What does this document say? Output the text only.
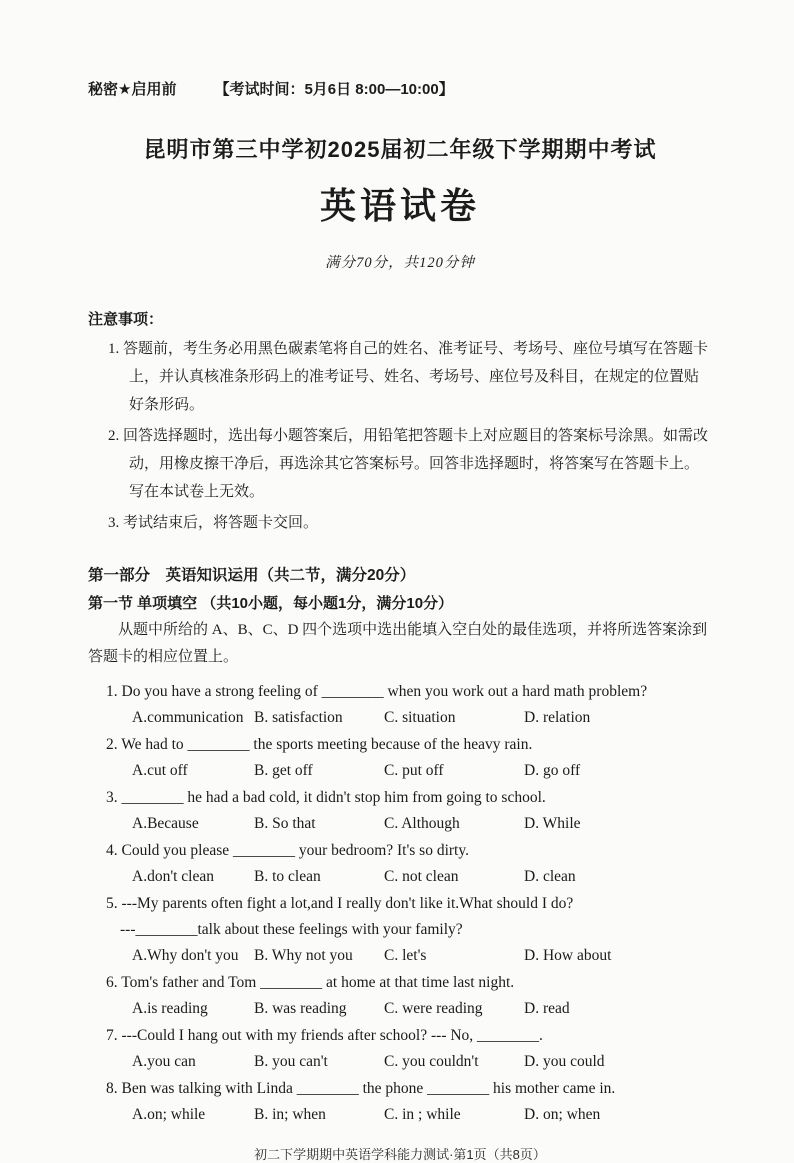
秘密★启用前	【考试时间：5月6日 8:00—10:00】
昆明市第三中学初2025届初二年级下学期期中考试
英语试卷
满分70分，共120分钟
注意事项：
1. 答题前，考生务必用黑色碳素笔将自己的姓名、准考证号、考场号、座位号填写在答题卡上，并认真核准条形码上的准考证号、姓名、考场号、座位号及科目，在规定的位置贴好条形码。
2. 回答选择题时，选出每小题答案后，用铅笔把答题卡上对应题目的答案标号涂黑。如需改动，用橡皮擦干净后，再选涂其它答案标号。回答非选择题时，将答案写在答题卡上。写在本试卷上无效。
3. 考试结束后，将答题卡交回。
第一部分　英语知识运用（共二节，满分20分）
第一节 单项填空 （共10小题，每小题1分，满分10分）
从题中所给的 A、B、C、D 四个选项中选出能填入空白处的最佳选项，并将所选答案涂到答题卡的相应位置上。
1. Do you have a strong feeling of ________ when you work out a hard math problem?
A.communication B. satisfaction	C. situation	D. relation
2. We had to ________ the sports meeting because of the heavy rain.
A.cut off	B. get off	C. put off	D. go off
3. ________ he had a bad cold, it didn't stop him from going to school.
A.Because	B. So that	C. Although	D. While
4. Could you please ________ your bedroom? It's so dirty.
A.don't clean	B. to clean	C. not clean	D. clean
5. ---My parents often fight a lot,and I really don't like it.What should I do?
---________talk about these feelings with your family?
A.Why don't you B. Why not you C. let's	D. How about
6. Tom's father and Tom ________ at home at that time last night.
A.is reading	B. was reading C. were reading	D. read
7. ---Could I hang out with my friends after school? --- No, ________.
A.you can	B. you can't	C. you couldn't	D. you could
8. Ben was talking with Linda ________ the phone ________ his mother came in.
A.on; while	B. in; when	C. in ; while	D. on; when
初二下学期期中英语学科能力测试·第1页（共8页）
